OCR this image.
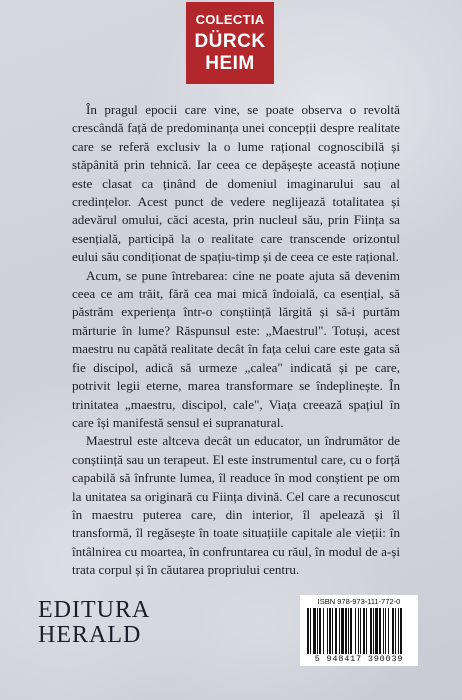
COLECTIA
DÜRCK
HEIM

În pragul epocii care vine, se poate observa o revoltă crescândă față de predominanța unei concepții despre realitate care se referă exclusiv la o lume rațional cognoscibilă și stăpânită prin tehnică. Iar ceea ce depășește această noțiune este clasat ca ținând de domeniul imaginarului sau al credințelor. Acest punct de vedere neglijează totalitatea și adevărul omului, căci acesta, prin nucleul său, prin Ființa sa esențială, participă la o realitate care transcende orizontul eului său condiționat de spațiu-timp și de ceea ce este rațional.

Acum, se pune întrebarea: cine ne poate ajuta să devenim ceea ce am trăit, fără cea mai mică îndoială, ca esențial, să păstrăm experiența într-o conștiință lărgită și să-i purtăm mărturie în lume? Răspunsul este: „Maestrul". Totuși, acest maestru nu capătă realitate decât în fața celui care este gata să fie discipol, adică să urmeze „calea" indicată și pe care, potrivit legii eterne, marea transformare se îndeplinește. În trinitatea „maestru, discipol, cale", Viața creează spațiul în care își manifestă sensul ei supranatural.

Maestrul este altceva decât un educator, un îndrumător de conștiință sau un terapeut. El este instrumentul care, cu o forță capabilă să înfrunte lumea, îl readuce în mod conștient pe om la unitatea sa originară cu Ființa divină. Cel care a recunoscut în maestru puterea care, din interior, îl apelează și îl transformă, îl regăsește în toate situațiile capitale ale vieții: în întâlnirea cu moartea, în confruntarea cu răul, în modul de a-și trata corpul și în căutarea propriului centru.

EDITURA
HERALD
ISBN 978-973-111-772-0
5 948417 390039
